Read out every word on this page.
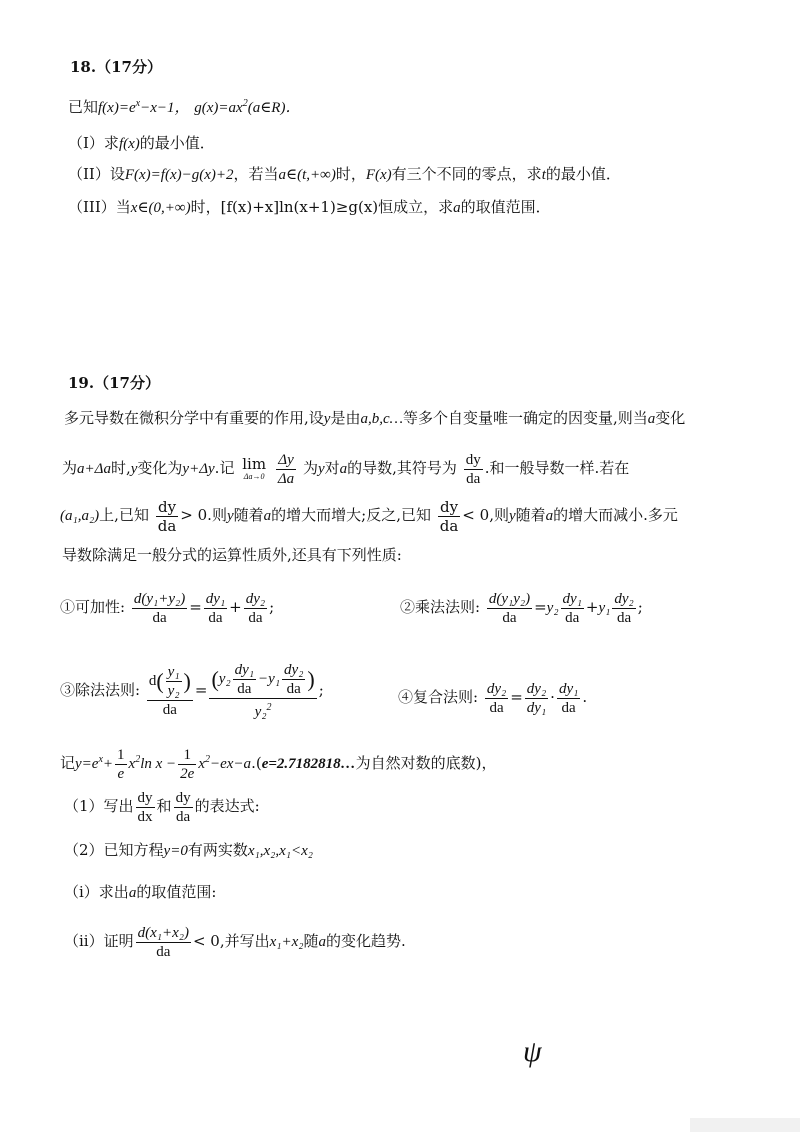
18.（17分）
已知$f(x)=e^x-x-1$， $g(x)=ax^2(a\in R)$．
（I）求f(x)的最小值．
（II）设F(x)=f(x)−g(x)+2，若当a∈(t,+∞)时，F(x)有三个不同的零点，求t的最小值．
（III）当x∈(0,+∞)时，[f(x)+x]ln(x+1)≥g(x)恒成立，求a的取值范围．
19.（17分）
多元导数在微积分学中有重要的作用,设y是由a,b,c…等多个自变量唯一确定的因变量,则当a变化
为a+Δa时,y变化为y+Δy.记 lim
Δa→0
$\frac{\Delta y}{\Delta a}$ 为y对a的导数,其符号为 $\frac{dy}{da}$ .和一般导数一样.若在
(a₁,a₂)上,已知 $\frac{dy}{da} > 0$.则y随着a的增大而增大;反之,已知 $\frac{dy}{da} < 0$,则y随着a的增大而减小.多元
导数除满足一般分式的运算性质外,还具有下列性质:
①可加性: $\frac{\text{d(y₁+y₂)}}{da} = \frac{\text{dy₁}}{da} + \frac{\text{dy₂}}{da}$ ;	②乘法法则: $\frac{\text{d(y₁y₂)}}{da} =y_2 \frac{\text{dy₁}}{da} +y_1 \frac{\text{dy₂}}{da}$ ;
③除法法则: $\frac{d( \frac{\text{y₁}}{\text{y₂}} )}{da} = \frac{(y_2 \frac{\text{dy₁}}{da} -y_1 \frac{\text{dy₂}}{da} )}{y_2^2}$ ;	④复合法则: $\frac{\text{dy₂}}{da} = \frac{\text{dy₂}}{\text{dy₁}} \cdot \frac{\text{dy₁}}{da}$ .
记$y=e^x+ \frac{1}{e} x^2\ln$ $x - \frac{1}{2e}$ $x^2-ex-a.(e=2.7182818\dots$为自然对数的底数)，
（1）写出 $\frac{dy}{dx}$ 和 $\frac{dy}{da}$ 的表达式:
（2）已知方程y=0有两实数x₁,x₂,x₁<x₂
（i）求出a的取值范围:
（ii）证明 $\frac{\text{d(x₁+x₂)}}{da} < 0$,并写出x₁+x₂随a的变化趋势.
ψ
